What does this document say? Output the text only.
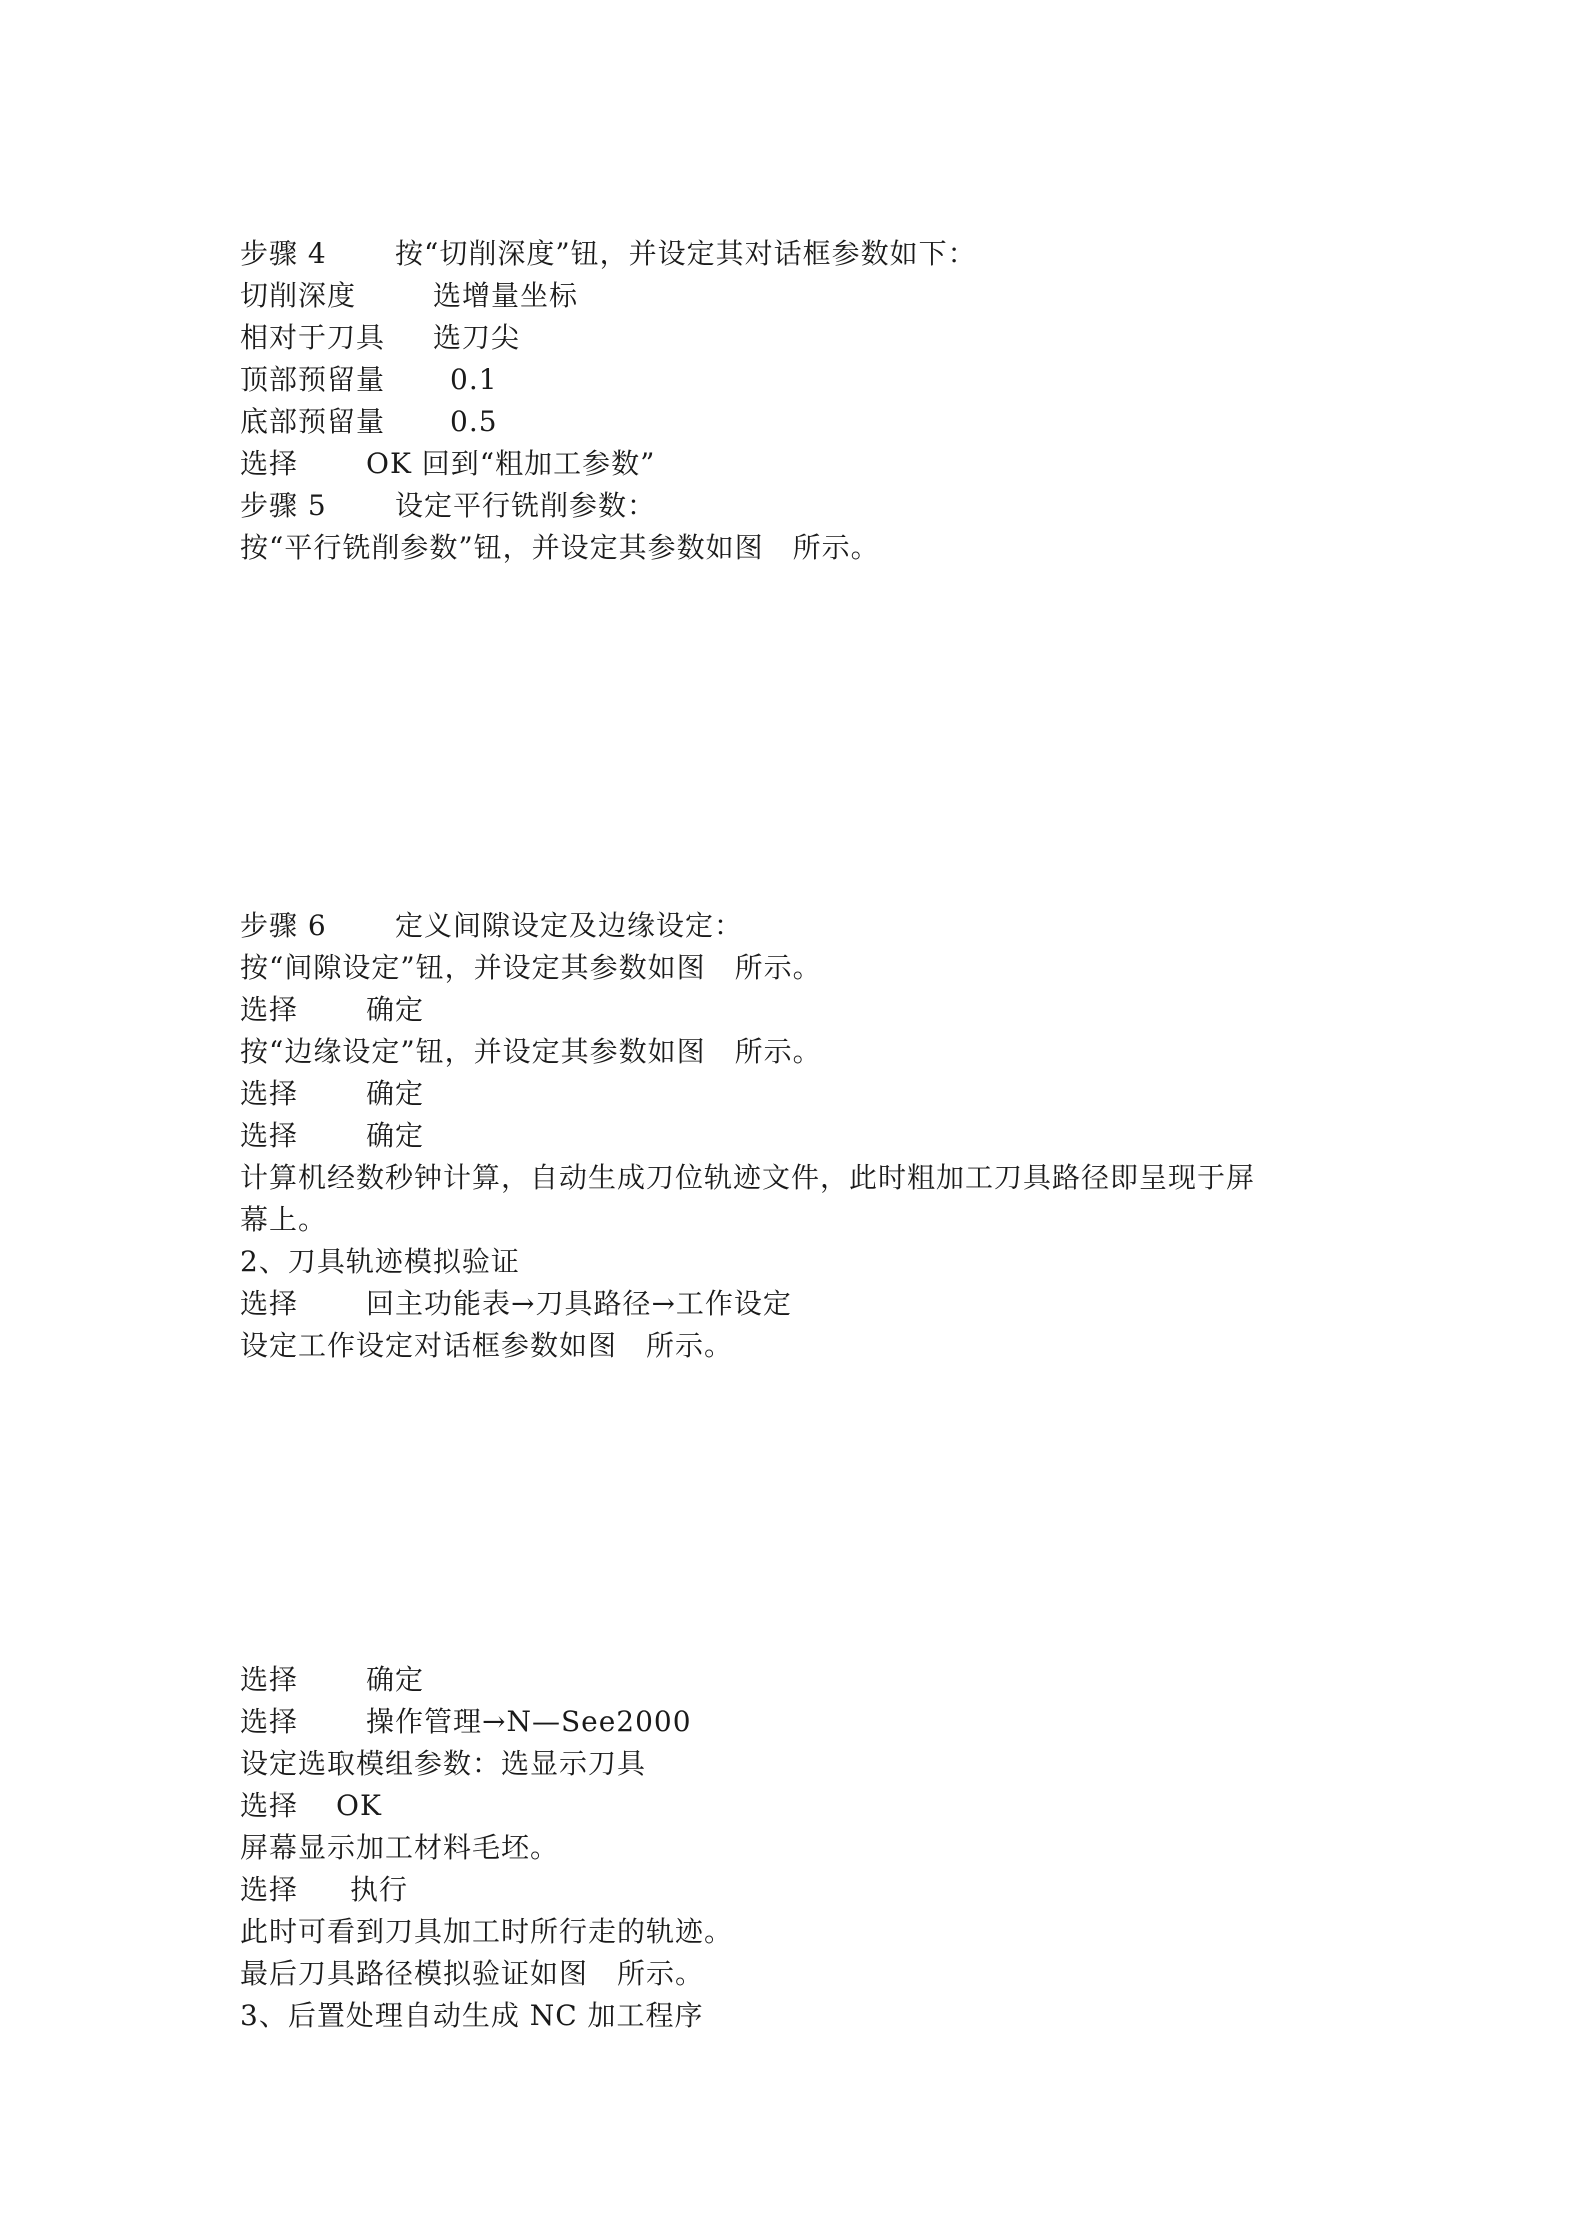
步骤 4 按“切削深度”钮，并设定其对话框参数如下：
切削深度	选增量坐标
相对于刀具 选刀尖
顶部预留量 0.1
底部预留量 0.5
选择 OK 回到“粗加工参数”
步骤 5 设定平行铣削参数：
按“平行铣削参数”钮，并设定其参数如图　所示。
步骤 6 定义间隙设定及边缘设定：
按“间隙设定”钮，并设定其参数如图　所示。
选择 确定
按“边缘设定”钮，并设定其参数如图　所示。
选择 确定
选择 确定
计算机经数秒钟计算，自动生成刀位轨迹文件，此时粗加工刀具路径即呈现于屏
幕上。
2、刀具轨迹模拟验证
选择 回主功能表→刀具路径→工作设定
设定工作设定对话框参数如图　所示。
选择 确定
选择 操作管理→N—See2000
设定选取模组参数：选显示刀具
选择 OK
屏幕显示加工材料毛坯。
选择 执行
此时可看到刀具加工时所行走的轨迹。
最后刀具路径模拟验证如图　所示。
3、后置处理自动生成 NC 加工程序
